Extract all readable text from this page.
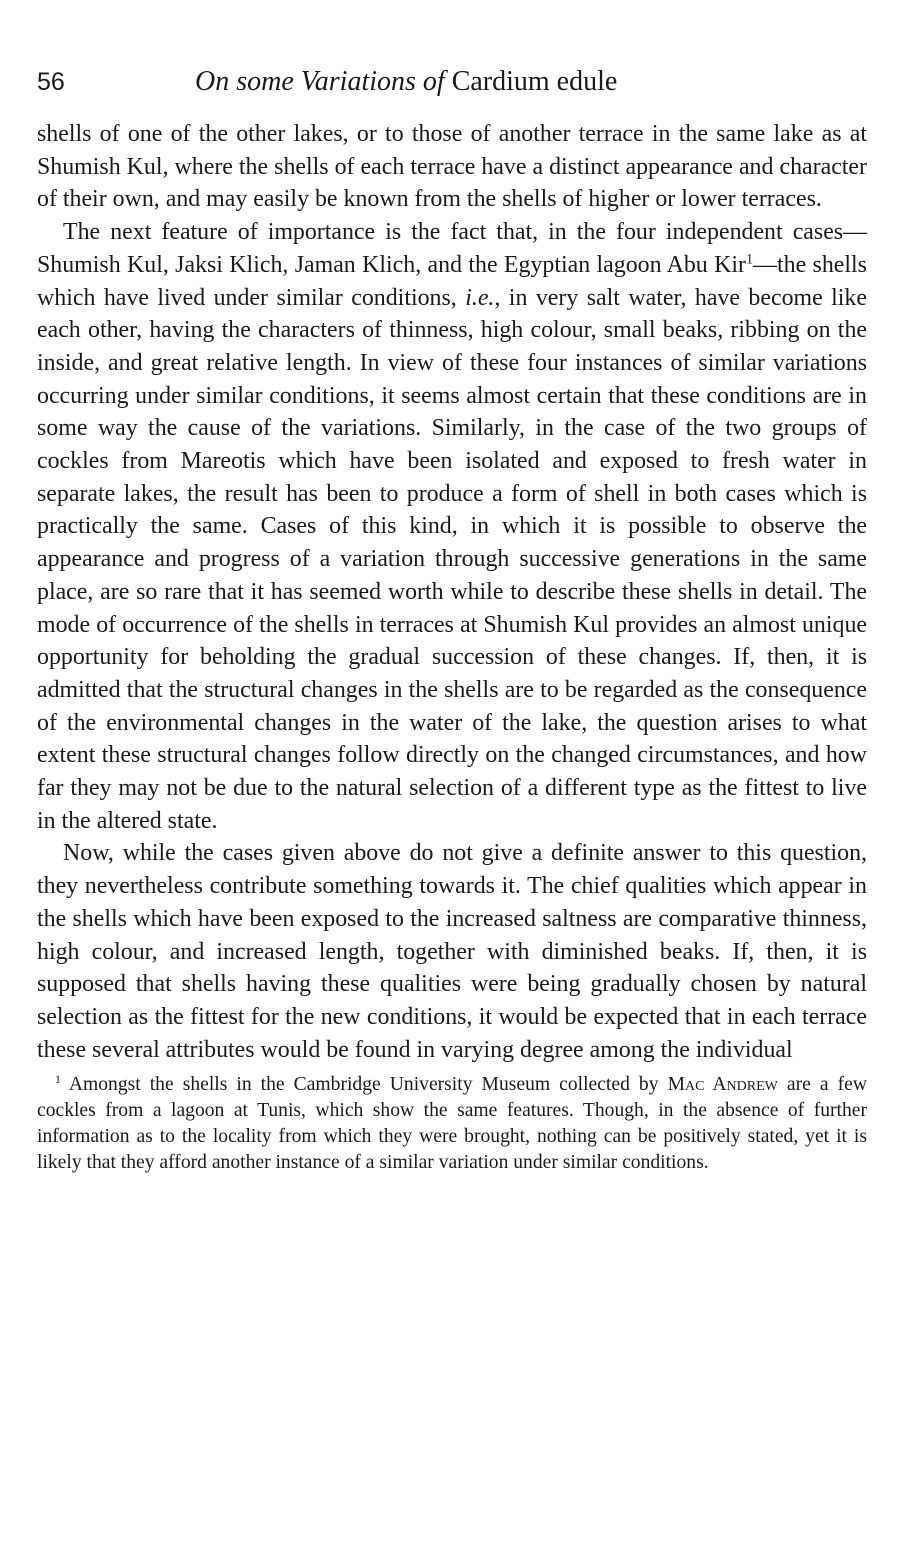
56	On some Variations of Cardium edule

shells of one of the other lakes, or to those of another terrace in the same lake as at Shumish Kul, where the shells of each terrace have a distinct appearance and character of their own, and may easily be known from the shells of higher or lower terraces.

The next feature of importance is the fact that, in the four independent cases—Shumish Kul, Jaksi Klich, Jaman Klich, and the Egyptian lagoon Abu Kir$^1$—the shells which have lived under similar conditions, i.e., in very salt water, have become like each other, having the characters of thinness, high colour, small beaks, ribbing on the inside, and great relative length. In view of these four instances of similar variations occurring under similar conditions, it seems almost certain that these conditions are in some way the cause of the variations. Similarly, in the case of the two groups of cockles from Mareotis which have been isolated and exposed to fresh water in separate lakes, the result has been to produce a form of shell in both cases which is practically the same. Cases of this kind, in which it is possible to observe the appearance and progress of a variation through successive generations in the same place, are so rare that it has seemed worth while to describe these shells in detail. The mode of occurrence of the shells in terraces at Shumish Kul provides an almost unique opportunity for beholding the gradual succession of these changes. If, then, it is admitted that the structural changes in the shells are to be regarded as the consequence of the environmental changes in the water of the lake, the question arises to what extent these structural changes follow directly on the changed circumstances, and how far they may not be due to the natural selection of a different type as the fittest to live in the altered state.

Now, while the cases given above do not give a definite answer to this question, they nevertheless contribute something towards it. The chief qualities which appear in the shells which have been exposed to the increased saltness are comparative thinness, high colour, and increased length, together with diminished beaks. If, then, it is supposed that shells having these qualities were being gradually chosen by natural selection as the fittest for the new conditions, it would be expected that in each terrace these several attributes would be found in varying degree among the individual

$^1$ Amongst the shells in the Cambridge University Museum collected by Mac Andrew are a few cockles from a lagoon at Tunis, which show the same features. Though, in the absence of further information as to the locality from which they were brought, nothing can be positively stated, yet it is likely that they afford another instance of a similar variation under similar conditions.
